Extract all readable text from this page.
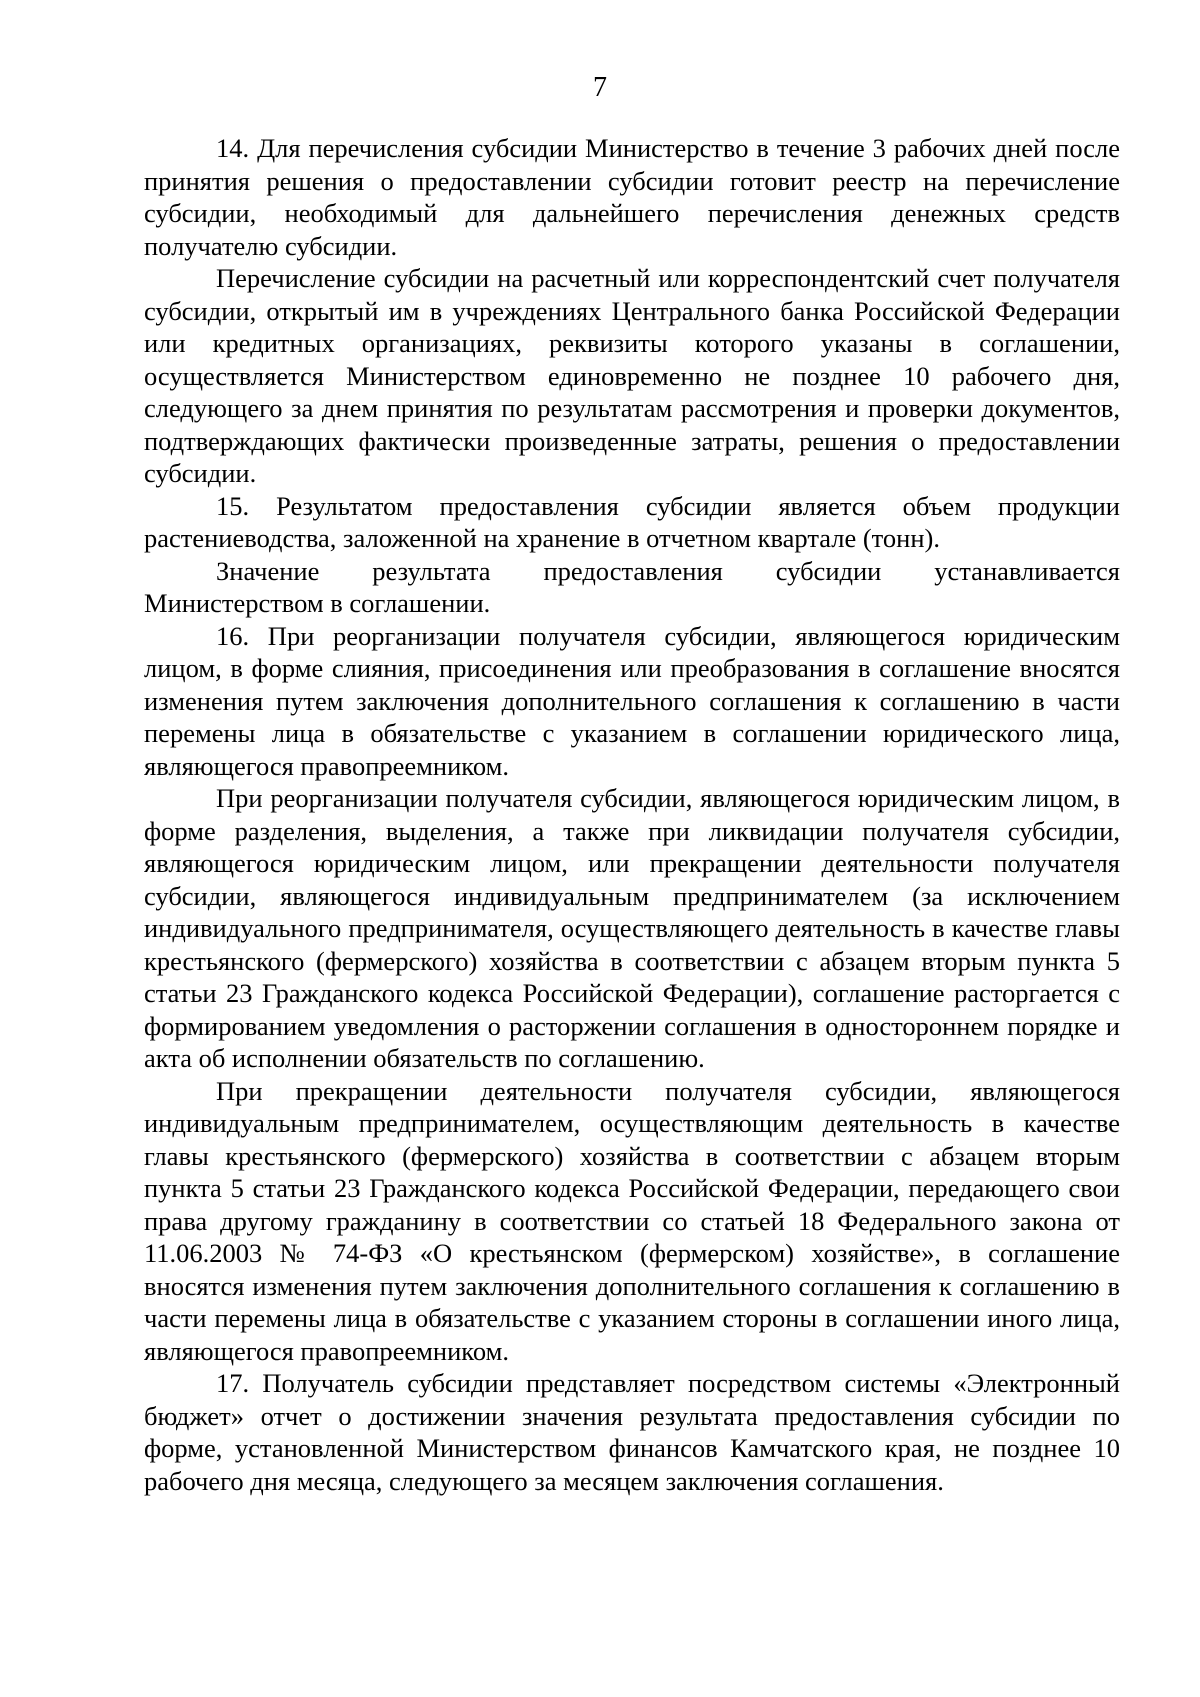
7

14. Для перечисления субсидии Министерство в течение 3 рабочих дней после принятия решения о предоставлении субсидии готовит реестр на перечисление субсидии, необходимый для дальнейшего перечисления денежных средств получателю субсидии.

Перечисление субсидии на расчетный или корреспондентский счет получателя субсидии, открытый им в учреждениях Центрального банка Российской Федерации или кредитных организациях, реквизиты которого указаны в соглашении, осуществляется Министерством единовременно не позднее 10 рабочего дня, следующего за днем принятия по результатам рассмотрения и проверки документов, подтверждающих фактически произведенные затраты, решения о предоставлении субсидии.

15. Результатом предоставления субсидии является объем продукции растениеводства, заложенной на хранение в отчетном квартале (тонн).

Значение результата предоставления субсидии устанавливается Министерством в соглашении.

16. При реорганизации получателя субсидии, являющегося юридическим лицом, в форме слияния, присоединения или преобразования в соглашение вносятся изменения путем заключения дополнительного соглашения к соглашению в части перемены лица в обязательстве с указанием в соглашении юридического лица, являющегося правопреемником.

При реорганизации получателя субсидии, являющегося юридическим лицом, в форме разделения, выделения, а также при ликвидации получателя субсидии, являющегося юридическим лицом, или прекращении деятельности получателя субсидии, являющегося индивидуальным предпринимателем (за исключением индивидуального предпринимателя, осуществляющего деятельность в качестве главы крестьянского (фермерского) хозяйства в соответствии с абзацем вторым пункта 5 статьи 23 Гражданского кодекса Российской Федерации), соглашение расторгается с формированием уведомления о расторжении соглашения в одностороннем порядке и акта об исполнении обязательств по соглашению.

При прекращении деятельности получателя субсидии, являющегося индивидуальным предпринимателем, осуществляющим деятельность в качестве главы крестьянского (фермерского) хозяйства в соответствии с абзацем вторым пункта 5 статьи 23 Гражданского кодекса Российской Федерации, передающего свои права другому гражданину в соответствии со статьей 18 Федерального закона от 11.06.2003 № 74-ФЗ «О крестьянском (фермерском) хозяйстве», в соглашение вносятся изменения путем заключения дополнительного соглашения к соглашению в части перемены лица в обязательстве с указанием стороны в соглашении иного лица, являющегося правопреемником.

17. Получатель субсидии представляет посредством системы «Электронный бюджет» отчет о достижении значения результата предоставления субсидии по форме, установленной Министерством финансов Камчатского края, не позднее 10 рабочего дня месяца, следующего за месяцем заключения соглашения.
